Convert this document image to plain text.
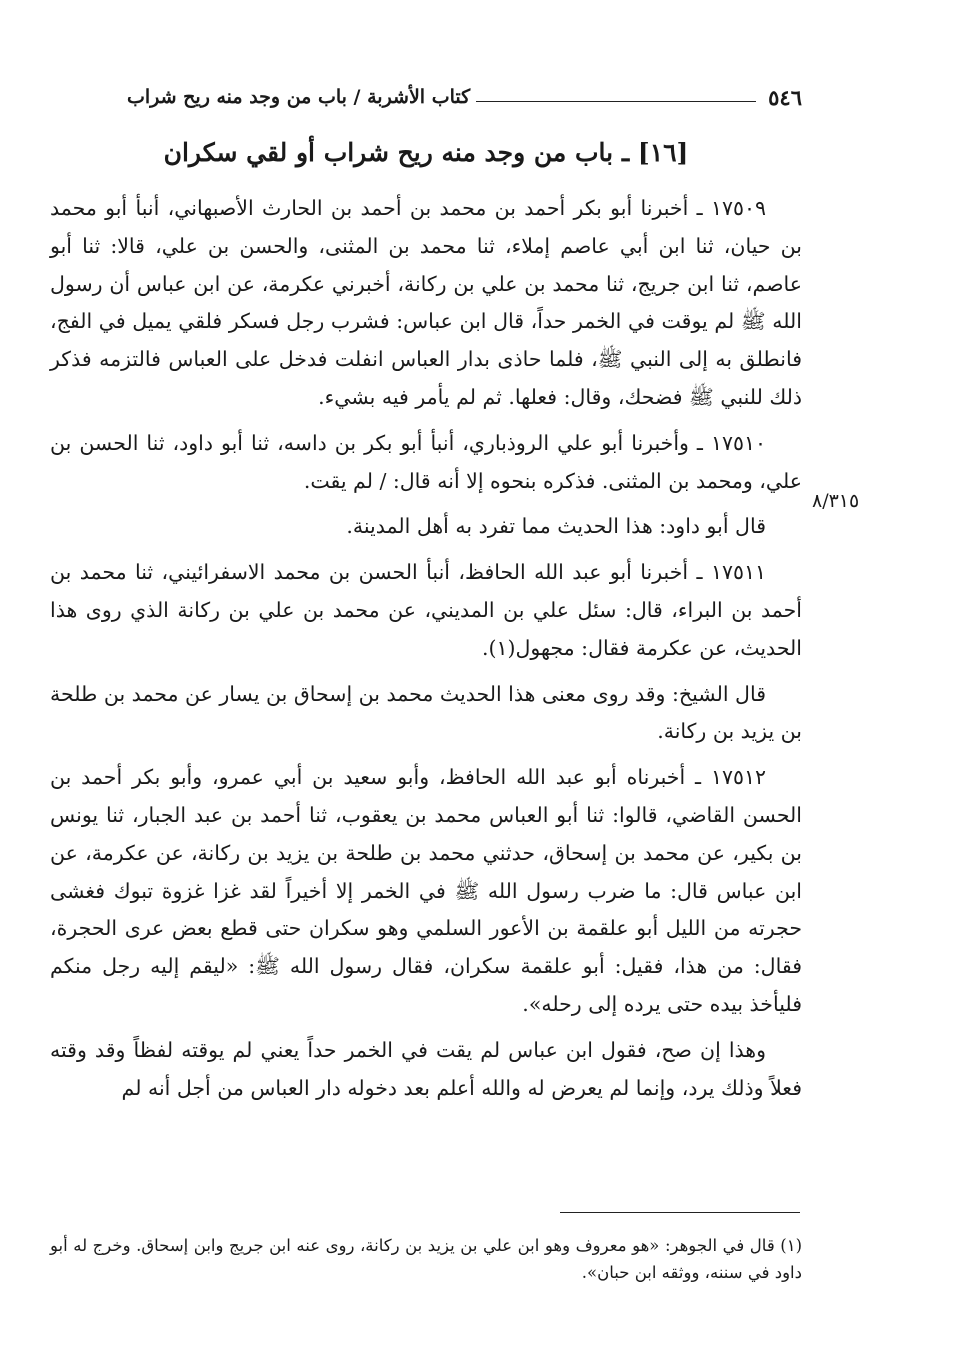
٥٤٦
كتاب الأشربة / باب من وجد منه ريح شراب
[١٦] ـ باب من وجد منه ريح شراب أو لقي سكران

١٧٥٠٩ ـ أخبرنا أبو بكر أحمد بن محمد بن أحمد بن الحارث الأصبهاني، أنبأ أبو محمد بن حيان، ثنا ابن أبي عاصم إملاء، ثنا محمد بن المثنى، والحسن بن علي، قالا: ثنا أبو عاصم، ثنا ابن جريج، ثنا محمد بن علي بن ركانة، أخبرني عكرمة، عن ابن عباس أن رسول الله ﷺ لم يوقت في الخمر حداً، قال ابن عباس: فشرب رجل فسكر فلقي يميل في الفج، فانطلق به إلى النبي ﷺ، فلما حاذى بدار العباس انفلت فدخل على العباس فالتزمه فذكر ذلك للنبي ﷺ فضحك، وقال: فعلها. ثم لم يأمر فيه بشيء.

١٧٥١٠ ـ وأخبرنا أبو علي الروذباري، أنبأ أبو بكر بن داسه، ثنا أبو داود، ثنا الحسن بن علي، ومحمد بن المثنى. فذكره بنحوه إلا أنه قال: / لم يقت.

قال أبو داود: هذا الحديث مما تفرد به أهل المدينة.

١٧٥١١ ـ أخبرنا أبو عبد الله الحافظ، أنبأ الحسن بن محمد الاسفرائيني، ثنا محمد بن أحمد بن البراء، قال: سئل علي بن المديني، عن محمد بن علي بن ركانة الذي روى هذا الحديث، عن عكرمة فقال: مجهول(١).

قال الشيخ: وقد روى معنى هذا الحديث محمد بن إسحاق بن يسار عن محمد بن طلحة بن يزيد بن ركانة.

١٧٥١٢ ـ أخبرناه أبو عبد الله الحافظ، وأبو سعيد بن أبي عمرو، وأبو بكر أحمد بن الحسن القاضي، قالوا: ثنا أبو العباس محمد بن يعقوب، ثنا أحمد بن عبد الجبار، ثنا يونس بن بكير، عن محمد بن إسحاق، حدثني محمد بن طلحة بن يزيد بن ركانة، عن عكرمة، عن ابن عباس قال: ما ضرب رسول الله ﷺ في الخمر إلا أخيراً لقد غزا غزوة تبوك فغشى حجرته من الليل أبو علقمة بن الأعور السلمي وهو سكران حتى قطع بعض عرى الحجرة، فقال: من هذا، فقيل: أبو علقمة سكران، فقال رسول الله ﷺ: «ليقم إليه رجل منكم فليأخذ بيده حتى يرده إلى رحله».

وهذا إن صح، فقول ابن عباس لم يقت في الخمر حداً يعني لم يوقته لفظاً وقد وقته فعلاً وذلك يرد، وإنما لم يعرض له والله أعلم بعد دخوله دار العباس من أجل أنه لم

٨/٣١٥

(١) قال في الجوهر: «هو معروف وهو ابن علي بن يزيد بن ركانة، روى عنه ابن جريج وابن إسحاق. وخرج له أبو داود في سننه، ووثقه ابن حبان».
